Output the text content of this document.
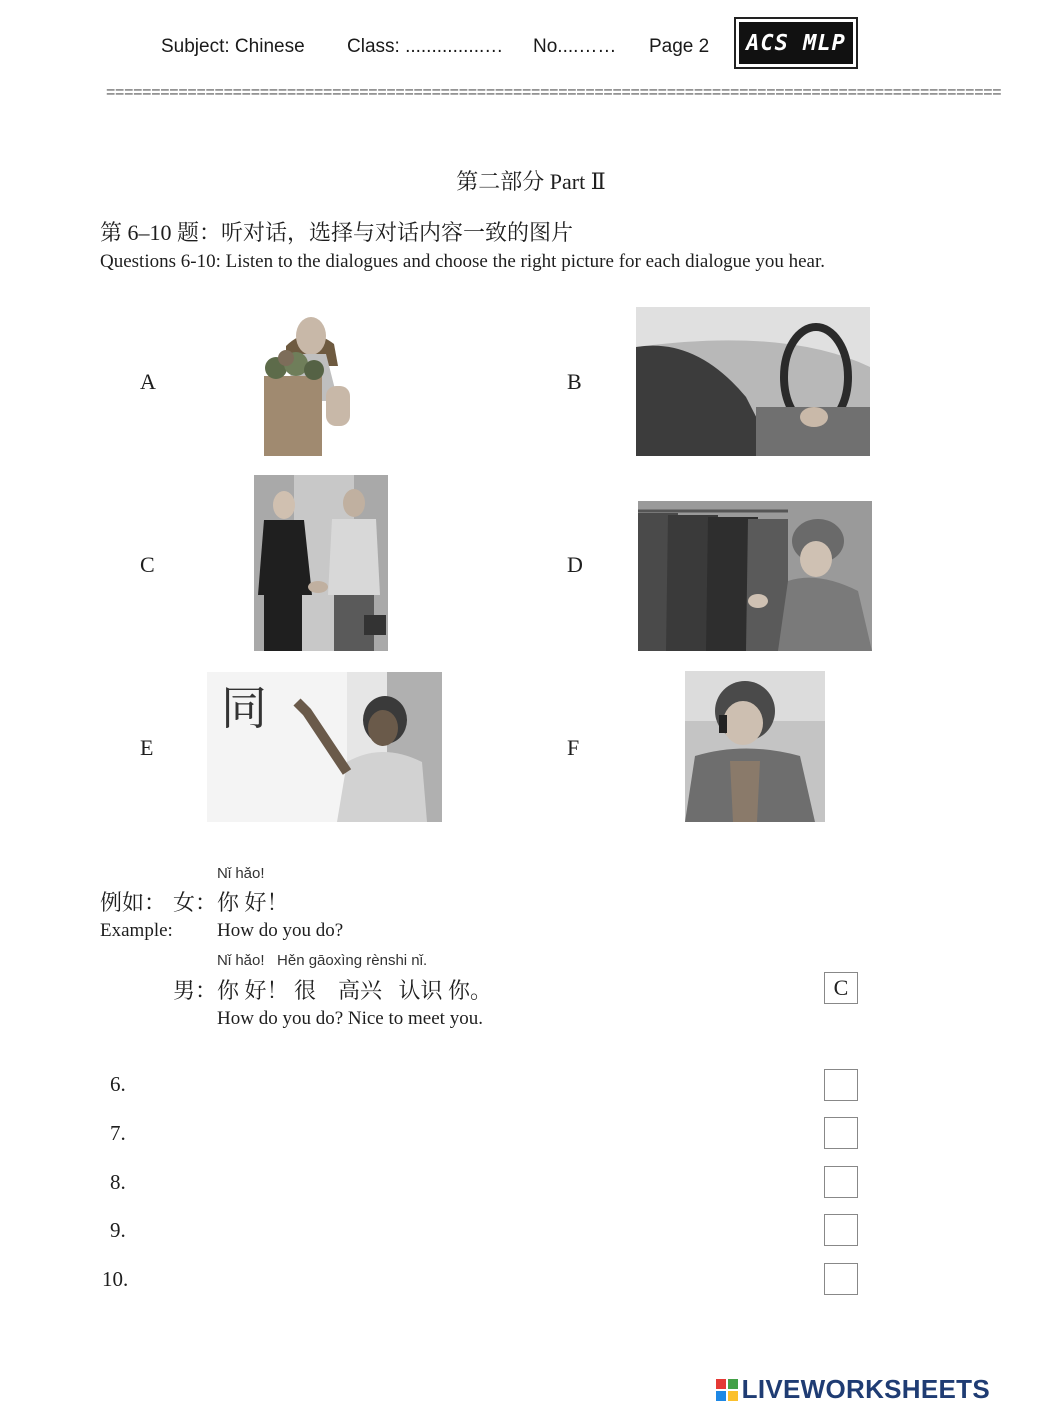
Subject: Chinese Class: ...............… No....…… Page 2	ACS MLP
===================================================================================================
第二部分 Part Ⅱ
第 6–10 题：听对话，选择与对话内容一致的图片
Questions 6-10: Listen to the dialogues and choose the right picture for each dialogue you hear.
A	B
C	D
E	F
同
Nǐ hǎo!
例如： 女： 你 好！
Example: How do you do?
Nǐ hǎo!   Hěn gāoxìng rènshi nǐ.
男： 你 好！ 很    高兴   认识 你。
How do you do? Nice to meet you.
C
6.
7.
8.
9.
10.
LIVEWORKSHEETS
